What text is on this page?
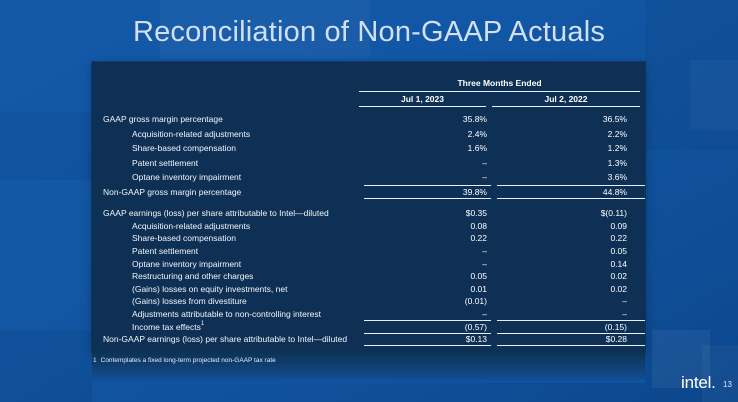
Reconciliation of Non-GAAP Actuals
Three Months Ended
Jul 1, 2023	Jul 2, 2022
GAAP gross margin percentage	35.8%	36.5%
Acquisition-related adjustments	2.4%	2.2%
Share-based compensation	1.6%	1.2%
Patent settlement	–	1.3%
Optane inventory impairment	–	3.6%
Non-GAAP gross margin percentage	39.8%	44.8%
GAAP earnings (loss) per share attributable to Intel—diluted	$0.35	$(0.11)
Acquisition-related adjustments	0.08	0.09
Share-based compensation	0.22	0.22
Patent settlement	–	0.05
Optane inventory impairment	–	0.14
Restructuring and other charges	0.05	0.02
(Gains) losses on equity investments, net	0.01	0.02
(Gains) losses from divestiture	(0.01)	–
Adjustments attributable to non-controlling interest	–	–
Income tax effects 1	(0.57)	(0.15)
Non-GAAP earnings (loss) per share attributable to Intel—diluted	$0.13	$0.28
1 Contemplates a fixed long-term projected non-GAAP tax rate
intel. 13
